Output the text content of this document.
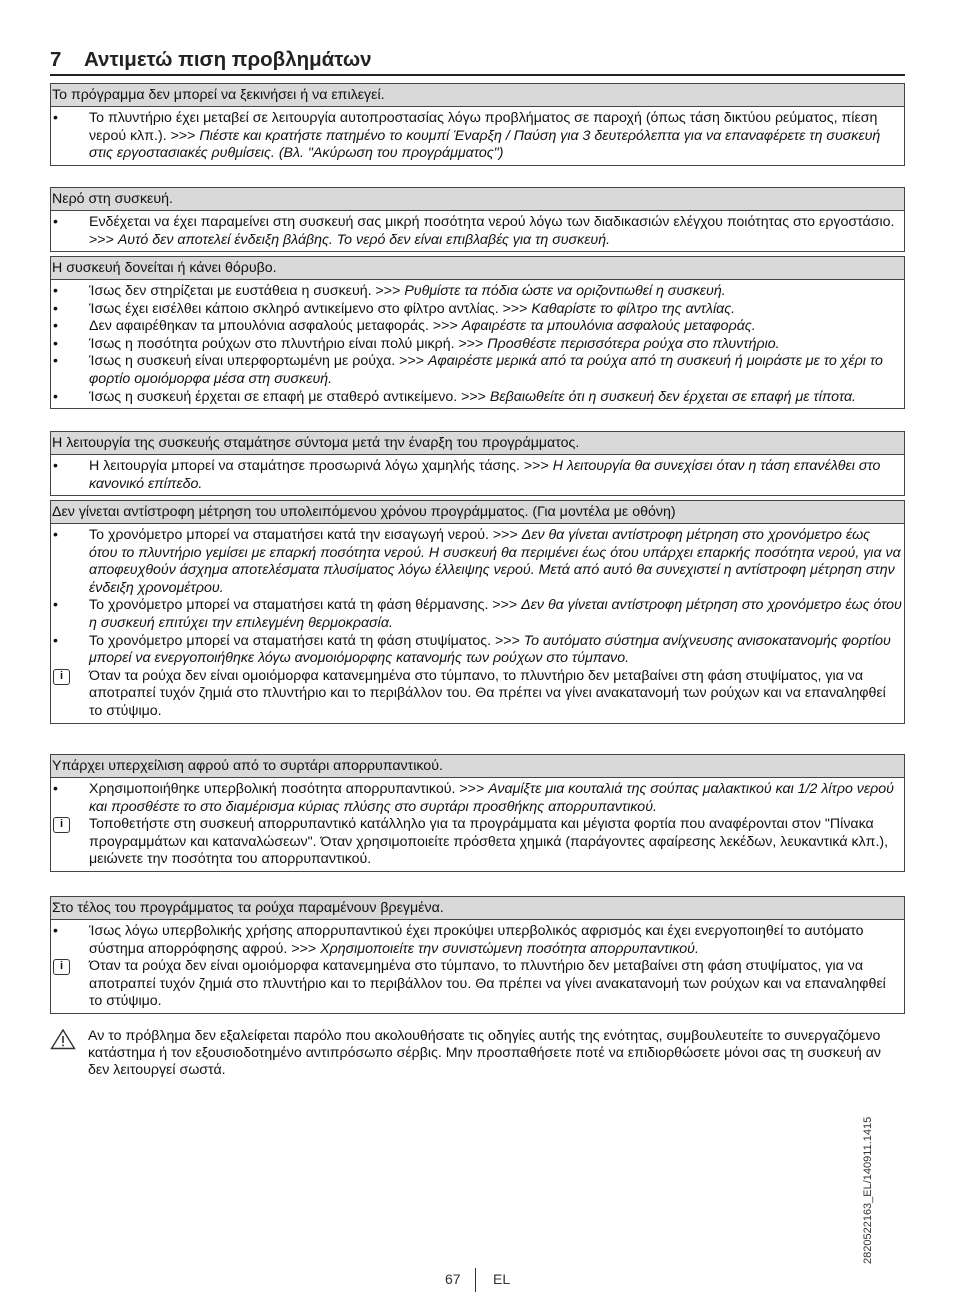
7 Αντιμετώ πιση προβλημάτων
Το πρόγραμμα δεν μπορεί να ξεκινήσει ή να επιλεγεί.
•	Το πλυντήριο έχει μεταβεί σε λειτουργία αυτοπροστασίας λόγω προβλήματος σε παροχή (όπως τάση δικτύου ρεύματος, πίεση νερού κλπ.). >>> Πιέστε και κρατήστε πατημένο το κουμπί Έναρξη / Παύση για 3 δευτερόλεπτα για να επαναφέρετε τη συσκευή στις εργοστασιακές ρυθμίσεις. (Βλ. "Ακύρωση του προγράμματος")
Νερό στη συσκευή.
•	Ενδέχεται να έχει παραμείνει στη συσκευή σας μικρή ποσότητα νερού λόγω των διαδικασιών ελέγχου ποιότητας στο εργοστάσιο. >>> Αυτό δεν αποτελεί ένδειξη βλάβης. Το νερό δεν είναι επιβλαβές για τη συσκευή.
Η συσκευή δονείται ή κάνει θόρυβο.
•	Ίσως δεν στηρίζεται με ευστάθεια η συσκευή. >>> Ρυθμίστε τα πόδια ώστε να οριζοντιωθεί η συσκευή.
•	Ίσως έχει εισέλθει κάποιο σκληρό αντικείμενο στο φίλτρο αντλίας. >>> Καθαρίστε το φίλτρο της αντλίας.
•	Δεν αφαιρέθηκαν τα μπουλόνια ασφαλούς μεταφοράς. >>> Αφαιρέστε τα μπουλόνια ασφαλούς μεταφοράς.
•	Ίσως η ποσότητα ρούχων στο πλυντήριο είναι πολύ μικρή. >>> Προσθέστε περισσότερα ρούχα στο πλυντήριο.
•	Ίσως η συσκευή είναι υπερφορτωμένη με ρούχα. >>> Αφαιρέστε μερικά από τα ρούχα από τη συσκευή ή μοιράστε με το χέρι το φορτίο ομοιόμορφα μέσα στη συσκευή.
•	Ίσως η συσκευή έρχεται σε επαφή με σταθερό αντικείμενο. >>> Βεβαιωθείτε ότι η συσκευή δεν έρχεται σε επαφή με τίποτα.
Η λειτουργία της συσκευής σταμάτησε σύντομα μετά την έναρξη του προγράμματος.
•	Η λειτουργία μπορεί να σταμάτησε προσωρινά λόγω χαμηλής τάσης. >>> Η λειτουργία θα συνεχίσει όταν η τάση επανέλθει στο κανονικό επίπεδο.
Δεν γίνεται αντίστροφη μέτρηση του υπολειπόμενου χρόνου προγράμματος. (Για μοντέλα με οθόνη)
•	Το χρονόμετρο μπορεί να σταματήσει κατά την εισαγωγή νερού. >>> Δεν θα γίνεται αντίστροφη μέτρηση στο χρονόμετρο έως ότου το πλυντήριο γεμίσει με επαρκή ποσότητα νερού. Η συσκευή θα περιμένει έως ότου υπάρχει επαρκής ποσότητα νερού, για να αποφευχθούν άσχημα αποτελέσματα πλυσίματος λόγω έλλειψης νερού. Μετά από αυτό θα συνεχιστεί η αντίστροφη μέτρηση στην ένδειξη χρονομέτρου.
•	Το χρονόμετρο μπορεί να σταματήσει κατά τη φάση θέρμανσης. >>> Δεν θα γίνεται αντίστροφη μέτρηση στο χρονόμετρο έως ότου η συσκευή επιτύχει την επιλεγμένη θερμοκρασία.
•	Το χρονόμετρο μπορεί να σταματήσει κατά τη φάση στυψίματος. >>> Το αυτόματο σύστημα ανίχνευσης ανισοκατανομής φορτίου μπορεί να ενεργοποιήθηκε λόγω ανομοιόμορφης κατανομής των ρούχων στο τύμπανο.
i	Όταν τα ρούχα δεν είναι ομοιόμορφα κατανεμημένα στο τύμπανο, το πλυντήριο δεν μεταβαίνει στη φάση στυψίματος, για να αποτραπεί τυχόν ζημιά στο πλυντήριο και το περιβάλλον του. Θα πρέπει να γίνει ανακατανομή των ρούχων και να επαναληφθεί το στύψιμο.
Υπάρχει υπερχείλιση αφρού από το συρτάρι απορρυπαντικού.
•	Χρησιμοποιήθηκε υπερβολική ποσότητα απορρυπαντικού. >>> Αναμίξτε μια κουταλιά της σούπας μαλακτικού και 1/2 λίτρο νερού και προσθέστε το στο διαμέρισμα κύριας πλύσης στο συρτάρι προσθήκης απορρυπαντικού.
i	Τοποθετήστε στη συσκευή απορρυπαντικό κατάλληλο για τα προγράμματα και μέγιστα φορτία που αναφέρονται στον "Πίνακα προγραμμάτων και καταναλώσεων". Όταν χρησιμοποιείτε πρόσθετα χημικά (παράγοντες αφαίρεσης λεκέδων, λευκαντικά κλπ.), μειώνετε την ποσότητα του απορρυπαντικού.
Στο τέλος του προγράμματος τα ρούχα παραμένουν βρεγμένα.
•	Ίσως λόγω υπερβολικής χρήσης απορρυπαντικού έχει προκύψει υπερβολικός αφρισμός και έχει ενεργοποιηθεί το αυτόματο σύστημα απορρόφησης αφρού. >>> Χρησιμοποιείτε την συνιστώμενη ποσότητα απορρυπαντικού.
i	Όταν τα ρούχα δεν είναι ομοιόμορφα κατανεμημένα στο τύμπανο, το πλυντήριο δεν μεταβαίνει στη φάση στυψίματος, για να αποτραπεί τυχόν ζημιά στο πλυντήριο και το περιβάλλον του. Θα πρέπει να γίνει ανακατανομή των ρούχων και να επαναληφθεί το στύψιμο.
Αν το πρόβλημα δεν εξαλείφεται παρόλο που ακολουθήσατε τις οδηγίες αυτής της ενότητας, συμβουλευτείτε το συνεργαζόμενο κατάστημα ή τον εξουσιοδοτημένο αντιπρόσωπο σέρβις. Μην προσπαθήσετε ποτέ να επιδιορθώσετε μόνοι σας τη συσκευή αν δεν λειτουργεί σωστά.
2820522163_EL/140911.1415
67 EL
